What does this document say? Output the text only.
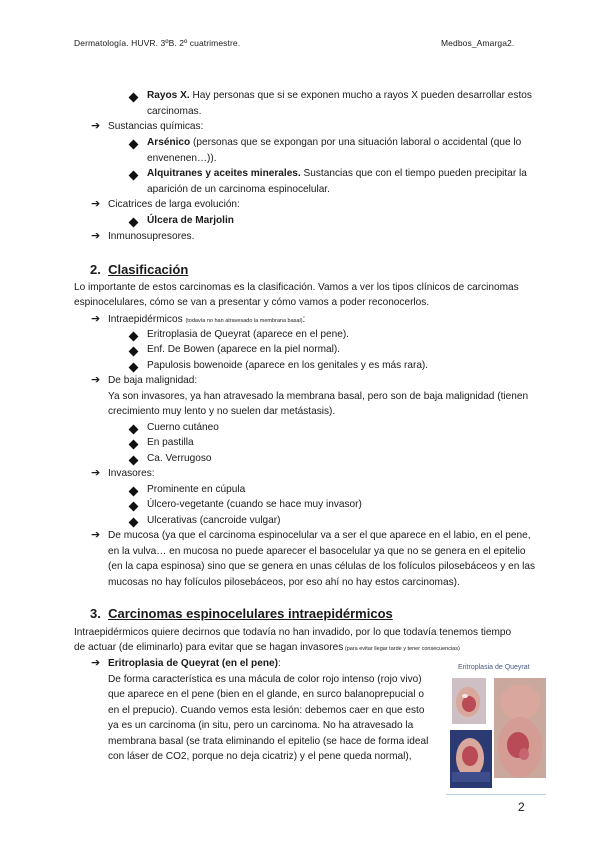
Dermatología. HUVR. 3ºB. 2º cuatrimestre.	Medbos_Amarga2.
Rayos X. Hay personas que si se exponen mucho a rayos X pueden desarrollar estos
carcinomas.
➔ Sustancias químicas:
Arsénico (personas que se expongan por una situación laboral o accidental (que lo
envenenen…)).
Alquitranes y aceites minerales. Sustancias que con el tiempo pueden precipitar la
aparición de un carcinoma espinocelular.
➔ Cicatrices de larga evolución:
Úlcera de Marjolin
➔ Inmunosupresores.
2. Clasificación
Lo importante de estos carcinomas es la clasificación. Vamos a ver los tipos clínicos de carcinomas
espinocelulares, cómo se van a presentar y cómo vamos a poder reconocerlos.
➔ Intraepidérmicos (todavía no han atravesado la membrana basal):
Eritroplasia de Queyrat (aparece en el pene).
Enf. De Bowen (aparece en la piel normal).
Papulosis bowenoide (aparece en los genitales y es más rara).
➔ De baja malignidad:
Ya son invasores, ya han atravesado la membrana basal, pero son de baja malignidad (tienen
crecimiento muy lento y no suelen dar metástasis).
Cuerno cutáneo
En pastilla
Ca. Verrugoso
➔ Invasores:
Prominente en cúpula
Úlcero-vegetante (cuando se hace muy invasor)
Ulcerativas (cancroide vulgar)
➔ De mucosa (ya que el carcinoma espinocelular va a ser el que aparece en el labio, en el pene,
en la vulva… en mucosa no puede aparecer el basocelular ya que no se genera en el epitelio
(en la capa espinosa) sino que se genera en unas células de los folículos pilosebáceos y en las
mucosas no hay folículos pilosebáceos, por eso ahí no hay estos carcinomas).
3. Carcinomas espinocelulares intraepidérmicos
Intraepidérmicos quiere decirnos que todavía no han invadido, por lo que todavía tenemos tiempo
de actuar (de eliminarlo) para evitar que se hagan invasores (para evitar llegar tarde y tener consecuencias)
➔ Eritroplasia de Queyrat (en el pene):
De forma característica es una mácula de color rojo intenso (rojo vivo)
que aparece en el pene (bien en el glande, en surco balanoprepucial o
en el prepucio). Cuando vemos esta lesión: debemos caer en que esto
ya es un carcinoma (in situ, pero un carcinoma. No ha atravesado la
membrana basal (se trata eliminando el epitelio (se hace de forma ideal
con láser de CO2, porque no deja cicatriz) y el pene queda normal),
Eritroplasia de Queyrat
2
